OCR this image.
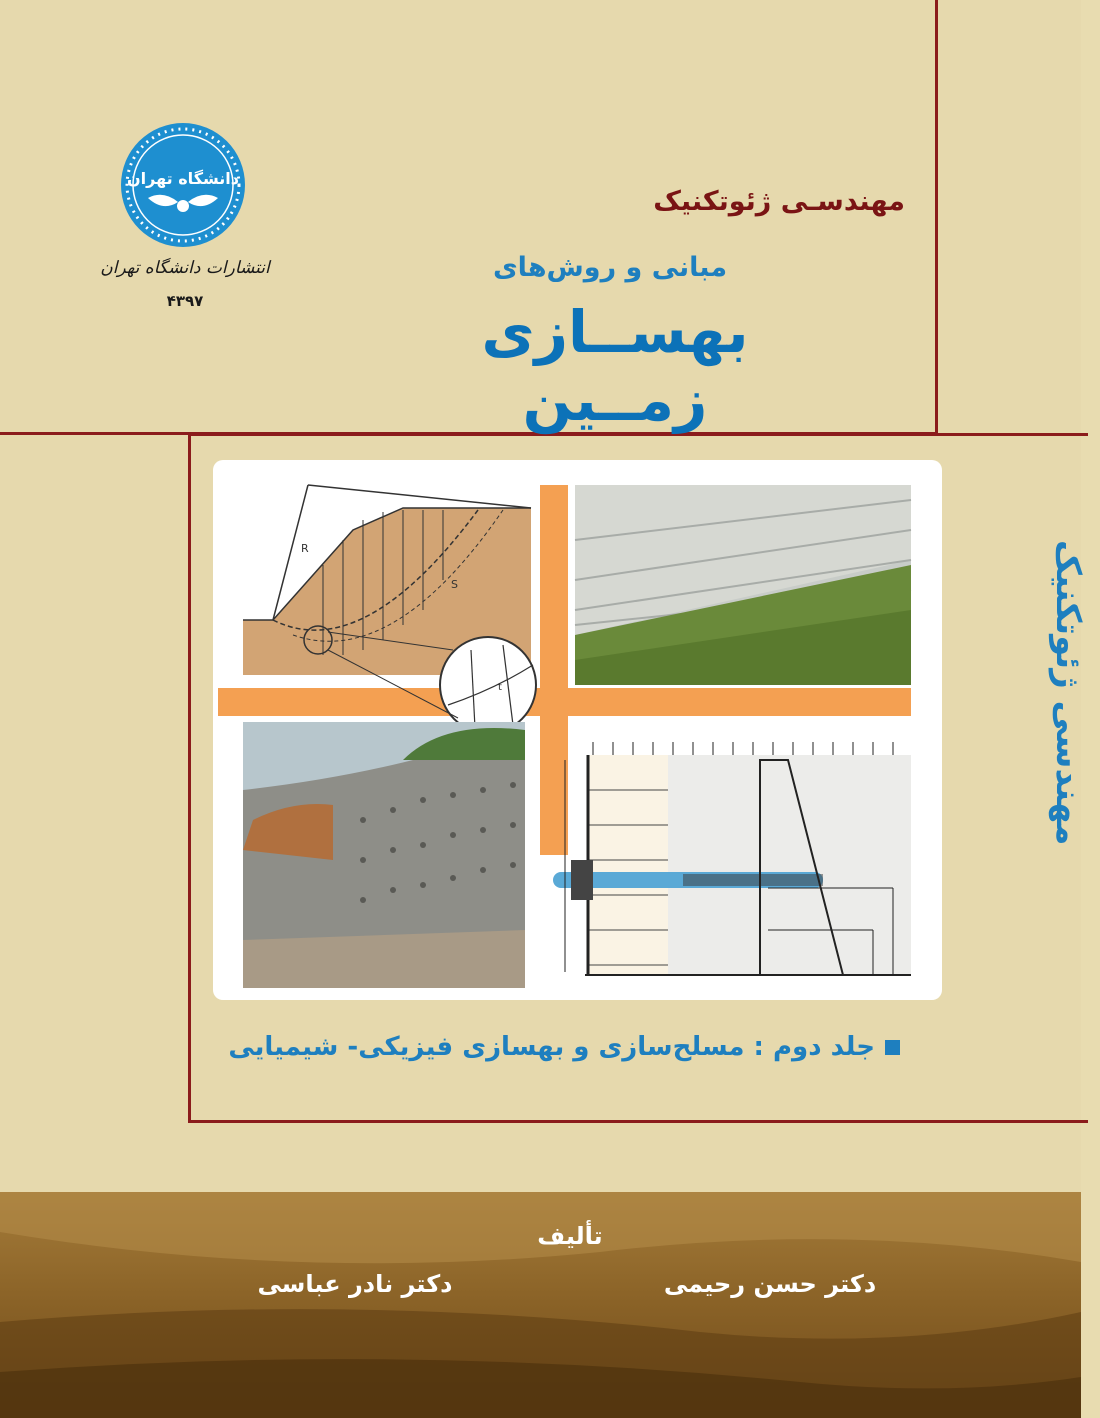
دانشگاه تهران
انتشارات دانشگاه تهران
۴۳۹۷
مهندسـی ژئوتکنیک
مبانی و روش‌های
بهســازی زمــین
R
S
t
جلد دوم : مسلح‌سازی و بهسازی فیزیکی- شیمیایی
تألیف
دکتر حسن رحیمی
دکتر نادر عباسی
مهندسی ژئوتکنیک
